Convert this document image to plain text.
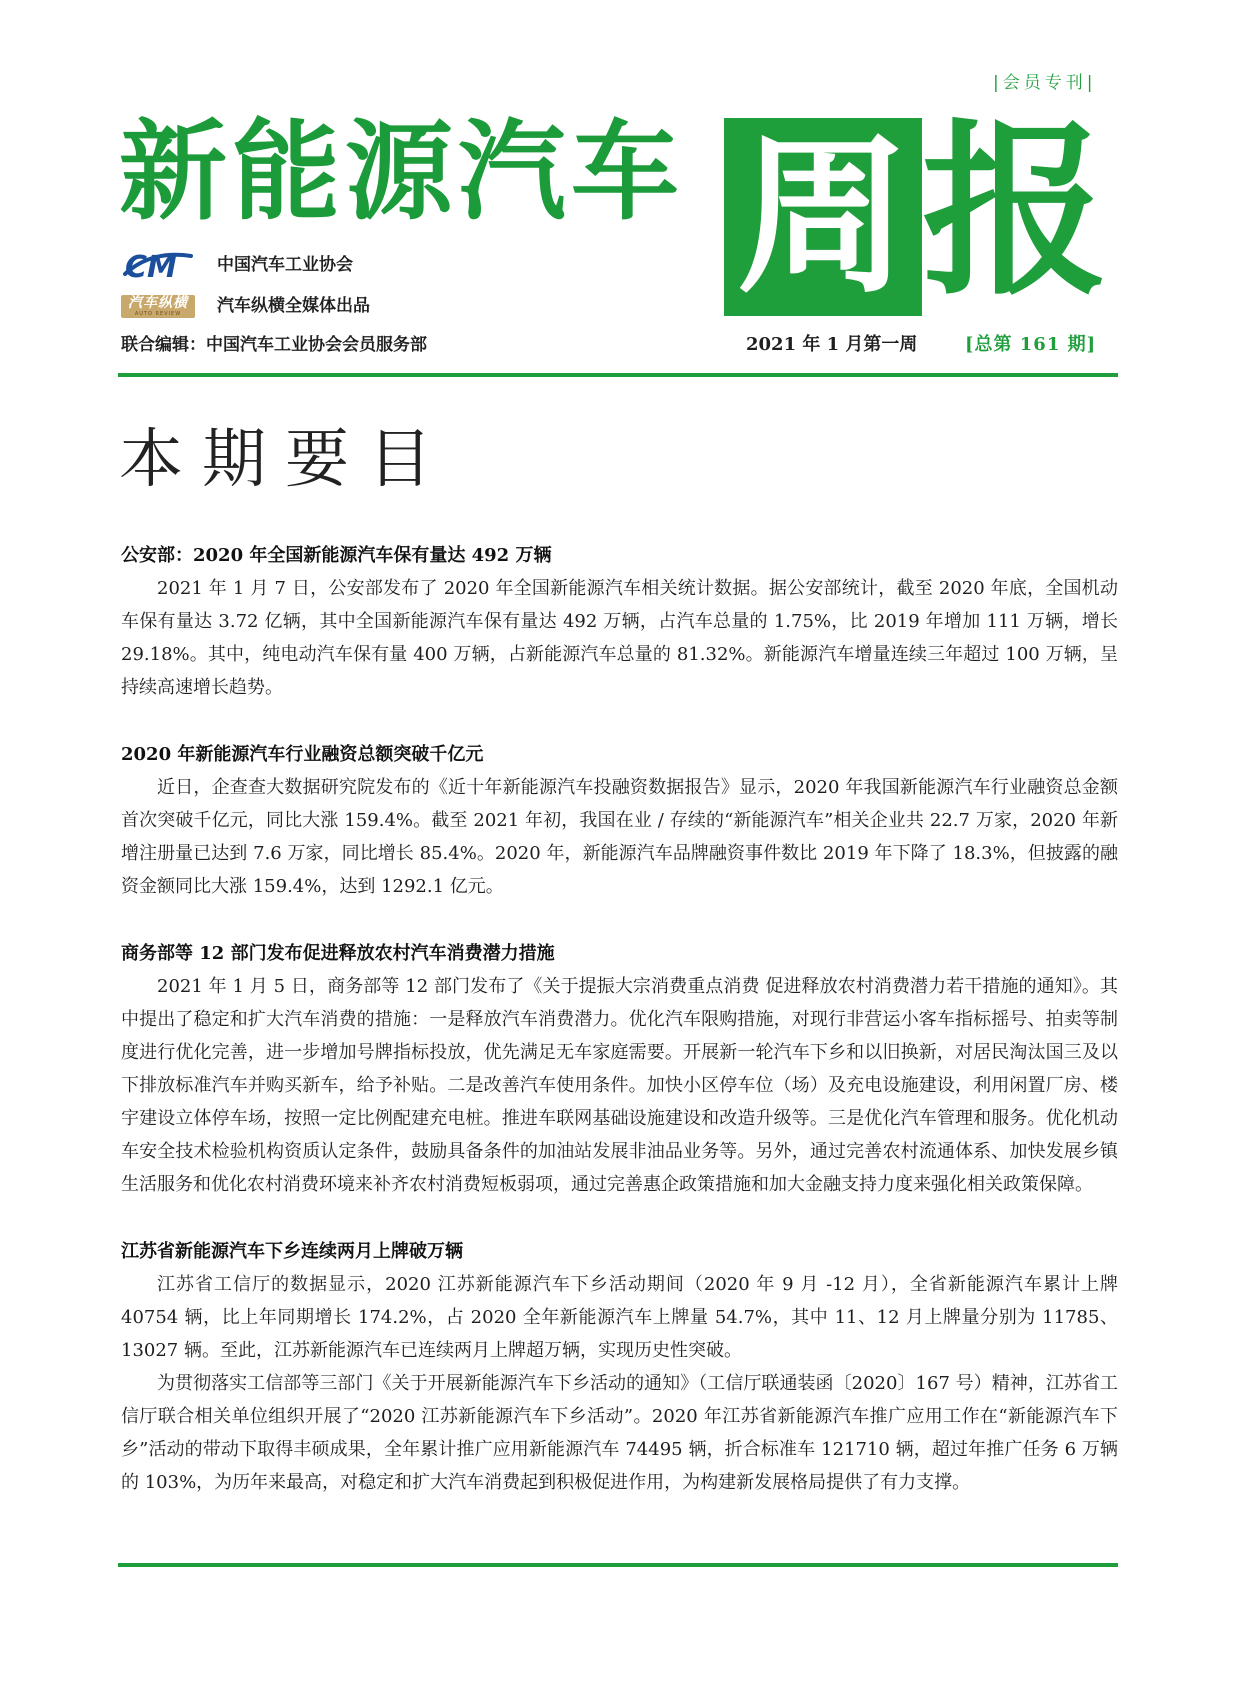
|会员专刊|
新能源汽车 周 报
CM 中国汽车工业协会
汽车纵横
AUTO REVIEW	汽车纵横全媒体出品
联合编辑：中国汽车工业协会会员服务部	2021 年 1 月第一周	[总第 161 期]
本期要目
公安部：2020 年全国新能源汽车保有量达 492 万辆

2021 年 1 月 7 日，公安部发布了 2020 年全国新能源汽车相关统计数据。据公安部统计，截至 2020 年底，全国机动车保有量达 3.72 亿辆，其中全国新能源汽车保有量达 492 万辆，占汽车总量的 1.75%，比 2019 年增加 111 万辆，增长 29.18%。其中，纯电动汽车保有量 400 万辆，占新能源汽车总量的 81.32%。新能源汽车增量连续三年超过 100 万辆，呈持续高速增长趋势。

2020 年新能源汽车行业融资总额突破千亿元

近日，企查查大数据研究院发布的《近十年新能源汽车投融资数据报告》显示，2020 年我国新能源汽车行业融资总金额首次突破千亿元，同比大涨 159.4%。截至 2021 年初，我国在业 / 存续的“新能源汽车”相关企业共 22.7 万家，2020 年新增注册量已达到 7.6 万家，同比增长 85.4%。2020 年，新能源汽车品牌融资事件数比 2019 年下降了 18.3%，但披露的融资金额同比大涨 159.4%，达到 1292.1 亿元。

商务部等 12 部门发布促进释放农村汽车消费潜力措施

2021 年 1 月 5 日，商务部等 12 部门发布了《关于提振大宗消费重点消费 促进释放农村消费潜力若干措施的通知》。其中提出了稳定和扩大汽车消费的措施：一是释放汽车消费潜力。优化汽车限购措施，对现行非营运小客车指标摇号、拍卖等制度进行优化完善，进一步增加号牌指标投放，优先满足无车家庭需要。开展新一轮汽车下乡和以旧换新，对居民淘汰国三及以下排放标准汽车并购买新车，给予补贴。二是改善汽车使用条件。加快小区停车位（场）及充电设施建设，利用闲置厂房、楼宇建设立体停车场，按照一定比例配建充电桩。推进车联网基础设施建设和改造升级等。三是优化汽车管理和服务。优化机动车安全技术检验机构资质认定条件，鼓励具备条件的加油站发展非油品业务等。另外，通过完善农村流通体系、加快发展乡镇生活服务和优化农村消费环境来补齐农村消费短板弱项，通过完善惠企政策措施和加大金融支持力度来强化相关政策保障。

江苏省新能源汽车下乡连续两月上牌破万辆

江苏省工信厅的数据显示，2020 江苏新能源汽车下乡活动期间（2020 年 9 月 -12 月），全省新能源汽车累计上牌 40754 辆，比上年同期增长 174.2%，占 2020 全年新能源汽车上牌量 54.7%，其中 11、12 月上牌量分别为 11785、13027 辆。至此，江苏新能源汽车已连续两月上牌超万辆，实现历史性突破。

为贯彻落实工信部等三部门《关于开展新能源汽车下乡活动的通知》（工信厅联通装函〔2020〕167 号）精神，江苏省工信厅联合相关单位组织开展了“2020 江苏新能源汽车下乡活动”。2020 年江苏省新能源汽车推广应用工作在“新能源汽车下乡”活动的带动下取得丰硕成果，全年累计推广应用新能源汽车 74495 辆，折合标准车 121710 辆，超过年推广任务 6 万辆的 103%，为历年来最高，对稳定和扩大汽车消费起到积极促进作用，为构建新发展格局提供了有力支撑。
